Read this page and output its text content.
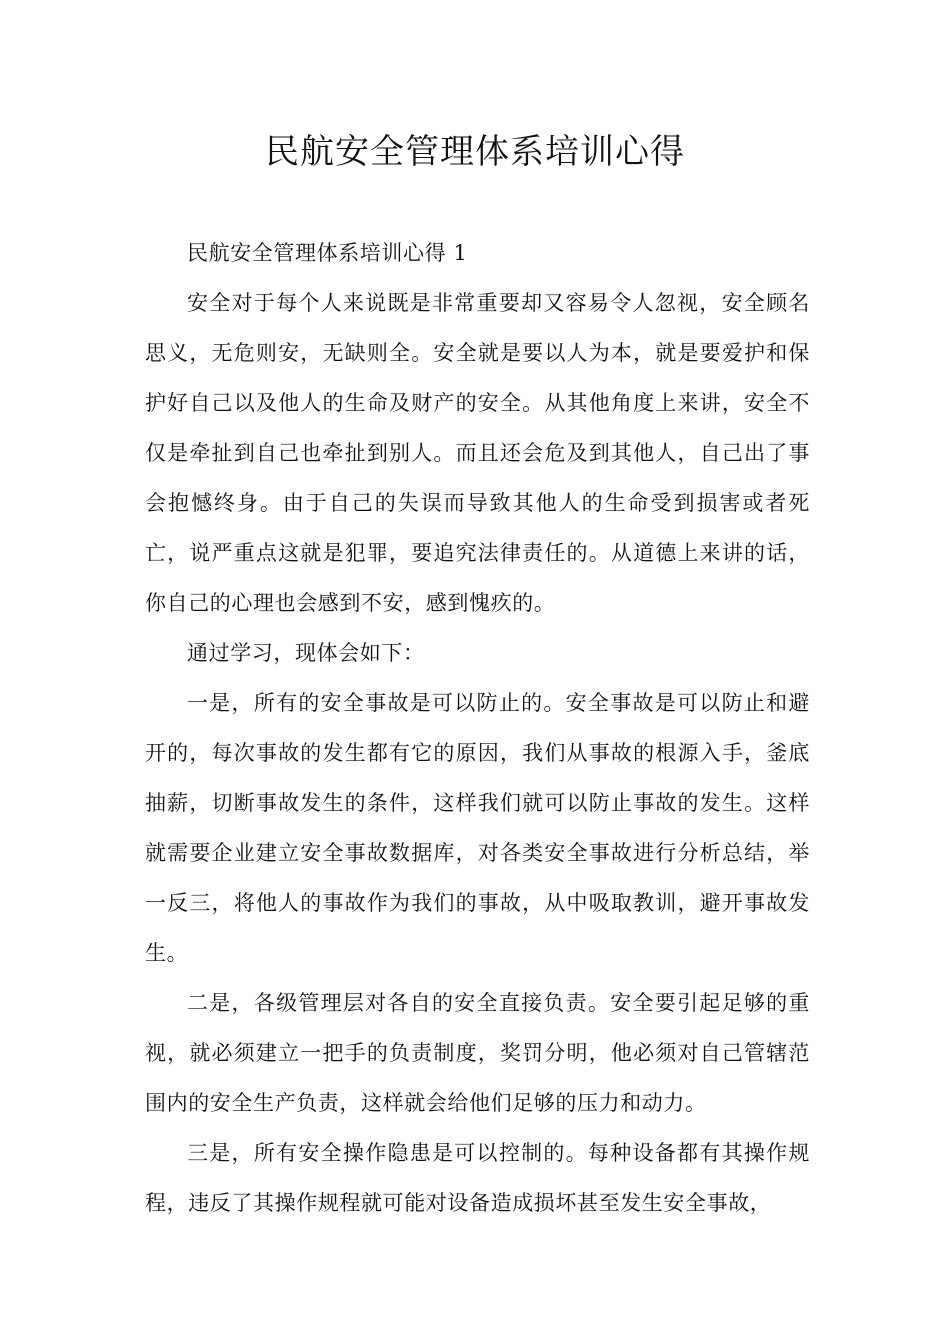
民航安全管理体系培训心得

民航安全管理体系培训心得 1

安全对于每个人来说既是非常重要却又容易令人忽视，安全顾名思义，无危则安，无缺则全。安全就是要以人为本，就是要爱护和保护好自己以及他人的生命及财产的安全。从其他角度上来讲，安全不仅是牵扯到自己也牵扯到别人。而且还会危及到其他人，自己出了事会抱憾终身。由于自己的失误而导致其他人的生命受到损害或者死亡，说严重点这就是犯罪，要追究法律责任的。从道德上来讲的话，你自己的心理也会感到不安，感到愧疚的。

通过学习，现体会如下：

一是，所有的安全事故是可以防止的。安全事故是可以防止和避开的，每次事故的发生都有它的原因，我们从事故的根源入手，釜底抽薪，切断事故发生的条件，这样我们就可以防止事故的发生。这样就需要企业建立安全事故数据库，对各类安全事故进行分析总结，举一反三，将他人的事故作为我们的事故，从中吸取教训，避开事故发生。

二是，各级管理层对各自的安全直接负责。安全要引起足够的重视，就必须建立一把手的负责制度，奖罚分明，他必须对自己管辖范围内的安全生产负责，这样就会给他们足够的压力和动力。

三是，所有安全操作隐患是可以控制的。每种设备都有其操作规程，违反了其操作规程就可能对设备造成损坏甚至发生安全事故，
